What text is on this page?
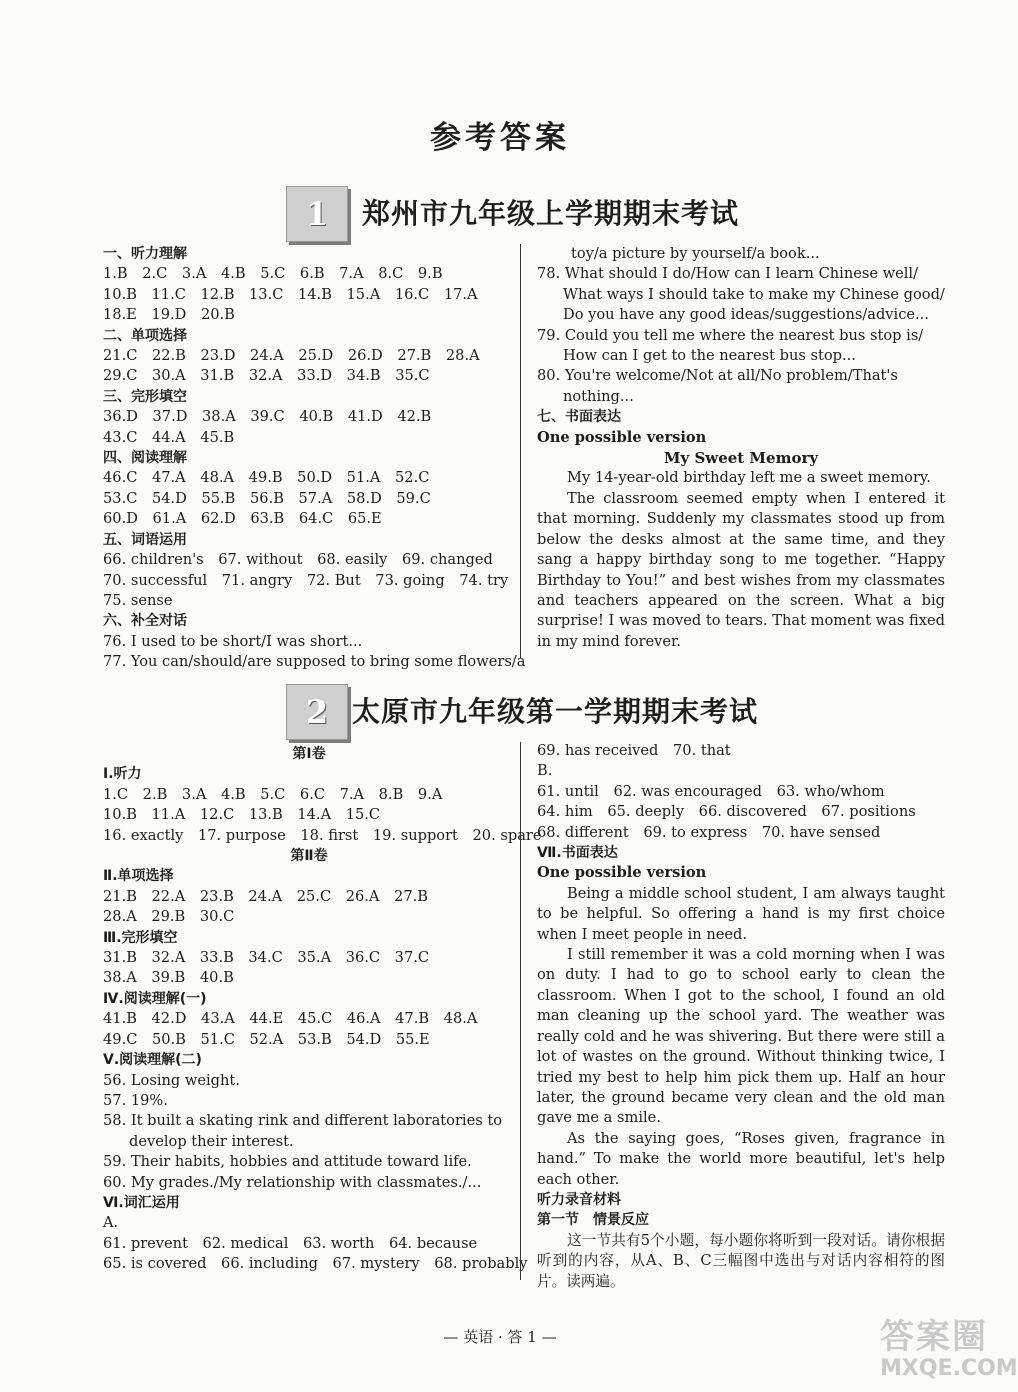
参考答案
1	郑州市九年级上学期期末考试
一、听力理解
1.B　2.C　3.A　4.B　5.C　6.B　7.A　8.C　9.B
10.B　11.C　12.B　13.C　14.B　15.A　16.C　17.A
18.E　19.D　20.B
二、单项选择
21.C　22.B　23.D　24.A　25.D　26.D　27.B　28.A
29.C　30.A　31.B　32.A　33.D　34.B　35.C
三、完形填空
36.D　37.D　38.A　39.C　40.B　41.D　42.B
43.C　44.A　45.B
四、阅读理解
46.C　47.A　48.A　49.B　50.D　51.A　52.C
53.C　54.D　55.B　56.B　57.A　58.D　59.C
60.D　61.A　62.D　63.B　64.C　65.E
五、词语运用
66. children's　67. without　68. easily　69. changed
70. successful　71. angry　72. But　73. going　74. try
75. sense
六、补全对话
76. I used to be short/I was short...
77. You can/should/are supposed to bring some flowers/a
toy/a picture by yourself/a book...
78. What should I do/How can I learn Chinese well/
What ways I should take to make my Chinese good/
Do you have any good ideas/suggestions/advice...
79. Could you tell me where the nearest bus stop is/
How can I get to the nearest bus stop...
80. You're welcome/Not at all/No problem/That's
nothing...
七、书面表达
One possible version
My Sweet Memory
My 14-year-old birthday left me a sweet memory.
The classroom seemed empty when I entered it that morning. Suddenly my classmates stood up from below the desks almost at the same time, and they sang a happy birthday song to me together. “Happy Birthday to You!” and best wishes from my classmates and teachers appeared on the screen. What a big surprise! I was moved to tears. That moment was fixed in my mind forever.
2 太原市九年级第一学期期末考试
第Ⅰ卷
Ⅰ.听力
1.C　2.B　3.A　4.B　5.C　6.C　7.A　8.B　9.A
10.B　11.A　12.C　13.B　14.A　15.C
16. exactly　17. purpose　18. first　19. support　20. spare
第Ⅱ卷
Ⅱ.单项选择
21.B　22.A　23.B　24.A　25.C　26.A　27.B
28.A　29.B　30.C
Ⅲ.完形填空
31.B　32.A　33.B　34.C　35.A　36.C　37.C
38.A　39.B　40.B
Ⅳ.阅读理解(一)
41.B　42.D　43.A　44.E　45.C　46.A　47.B　48.A
49.C　50.B　51.C　52.A　53.B　54.D　55.E
Ⅴ.阅读理解(二)
56. Losing weight.
57. 19%.
58. It built a skating rink and different laboratories to
develop their interest.
59. Their habits, hobbies and attitude toward life.
60. My grades./My relationship with classmates./...
Ⅵ.词汇运用
A.
61. prevent　62. medical　63. worth　64. because
65. is covered　66. including　67. mystery　68. probably
69. has received　70. that
B.
61. until　62. was encouraged　63. who/whom
64. him　65. deeply　66. discovered　67. positions
68. different　69. to express　70. have sensed
Ⅶ.书面表达
One possible version
Being a middle school student, I am always taught to be helpful. So offering a hand is my first choice when I meet people in need.
I still remember it was a cold morning when I was on duty. I had to go to school early to clean the classroom. When I got to the school, I found an old man cleaning up the school yard. The weather was really cold and he was shivering. But there were still a lot of wastes on the ground. Without thinking twice, I tried my best to help him pick them up. Half an hour later, the ground became very clean and the old man gave me a smile.
As the saying goes, “Roses given, fragrance in hand.” To make the world more beautiful, let's help each other.
听力录音材料
第一节　情景反应
这一节共有5个小题，每小题你将听到一段对话。请你根据听到的内容，从A、B、C三幅图中选出与对话内容相符的图片。读两遍。
— 英语 · 答 1 —	答案圈
MXQE.COM
